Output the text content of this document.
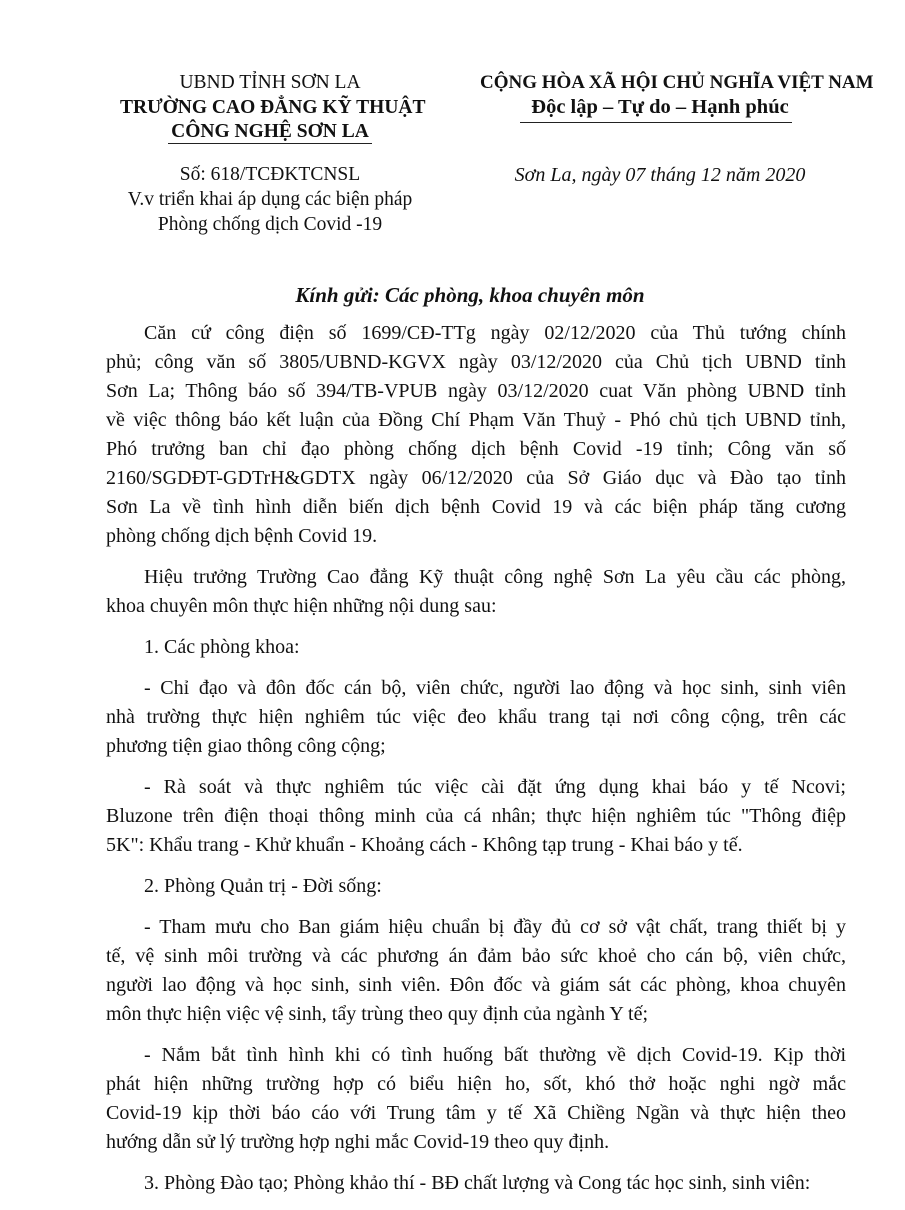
UBND TỈNH SƠN LA
TRƯỜNG CAO ĐẲNG KỸ THUẬT
CÔNG NGHỆ SƠN LA
CỘNG HÒA XÃ HỘI CHỦ NGHĨA VIỆT NAM
Độc lập – Tự do – Hạnh phúc
Số: 618/TCĐKTCNSL
V.v triển khai áp dụng các biện pháp
Phòng chống dịch Covid -19
Sơn La, ngày 07 tháng 12 năm 2020
Kính gửi: Các phòng, khoa chuyên môn
Căn cứ công điện số 1699/CĐ-TTg ngày 02/12/2020 của Thủ tướng chính
phủ; công văn số 3805/UBND-KGVX ngày 03/12/2020 của Chủ tịch UBND tỉnh
Sơn La; Thông báo số 394/TB-VPUB ngày 03/12/2020 cuat Văn phòng UBND tỉnh
về việc thông báo kết luận của Đồng Chí Phạm Văn Thuỷ - Phó chủ tịch UBND tỉnh,
Phó trưởng ban chỉ đạo phòng chống dịch bệnh Covid -19 tỉnh; Công văn số
2160/SGDĐT-GDTrH&GDTX ngày 06/12/2020 của Sở Giáo dục và Đào tạo tỉnh
Sơn La về tình hình diễn biến dịch bệnh Covid 19 và các biện pháp tăng cương
phòng chống dịch bệnh Covid 19.
Hiệu trưởng Trường Cao đẳng Kỹ thuật công nghệ Sơn La yêu cầu các phòng,
khoa chuyên môn thực hiện những nội dung sau:
1. Các phòng khoa:
- Chỉ đạo và đôn đốc cán bộ, viên chức, người lao động và học sinh, sinh viên
nhà trường thực hiện nghiêm túc việc đeo khẩu trang tại nơi công cộng, trên các
phương tiện giao thông công cộng;
- Rà soát và thực nghiêm túc việc cài đặt ứng dụng khai báo y tế Ncovi;
Bluzone trên điện thoại thông minh của cá nhân; thực hiện nghiêm túc "Thông điệp
5K": Khẩu trang - Khử khuẩn - Khoảng cách - Không tạp trung - Khai báo y tế.
2. Phòng Quản trị - Đời sống:
- Tham mưu cho Ban giám hiệu chuẩn bị đầy đủ cơ sở vật chất, trang thiết bị y
tế, vệ sinh môi trường và các phương án đảm bảo sức khoẻ cho cán bộ, viên chức,
người lao động và học sinh, sinh viên. Đôn đốc và giám sát các phòng, khoa chuyên
môn thực hiện việc vệ sinh, tẩy trùng theo quy định của ngành Y tế;
- Nắm bắt tình hình khi có tình huống bất thường về dịch Covid-19. Kịp thời
phát hiện những trường hợp có biểu hiện ho, sốt, khó thở hoặc nghi ngờ mắc
Covid-19 kịp thời báo cáo với Trung tâm y tế Xã Chiềng Ngần và thực hiện theo
hướng dẫn sử lý trường hợp nghi mắc Covid-19 theo quy định.
3. Phòng Đào tạo; Phòng khảo thí - BĐ chất lượng và Cong tác học sinh, sinh viên:
